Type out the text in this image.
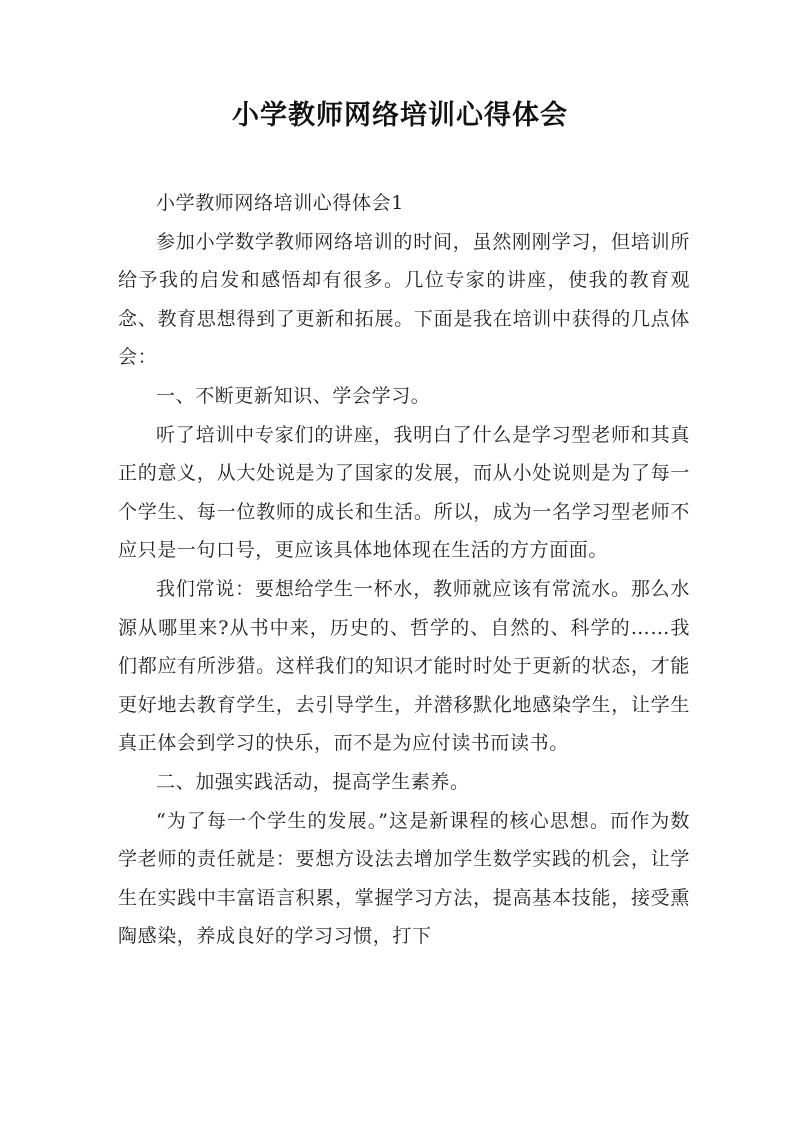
小学教师网络培训心得体会

小学教师网络培训心得体会1

参加小学数学教师网络培训的时间，虽然刚刚学习，但培训所给予我的启发和感悟却有很多。几位专家的讲座，使我的教育观念、教育思想得到了更新和拓展。下面是我在培训中获得的几点体会：

一、不断更新知识、学会学习。

听了培训中专家们的讲座，我明白了什么是学习型老师和其真正的意义，从大处说是为了国家的发展，而从小处说则是为了每一个学生、每一位教师的成长和生活。所以，成为一名学习型老师不应只是一句口号，更应该具体地体现在生活的方方面面。

我们常说：要想给学生一杯水，教师就应该有常流水。那么水源从哪里来?从书中来，历史的、哲学的、自然的、科学的……我们都应有所涉猎。这样我们的知识才能时时处于更新的状态，才能更好地去教育学生，去引导学生，并潜移默化地感染学生，让学生真正体会到学习的快乐，而不是为应付读书而读书。

二、加强实践活动，提高学生素养。

“为了每一个学生的发展。”这是新课程的核心思想。而作为数学老师的责任就是：要想方设法去增加学生数学实践的机会，让学生在实践中丰富语言积累，掌握学习方法，提高基本技能，接受熏陶感染，养成良好的学习习惯，打下
